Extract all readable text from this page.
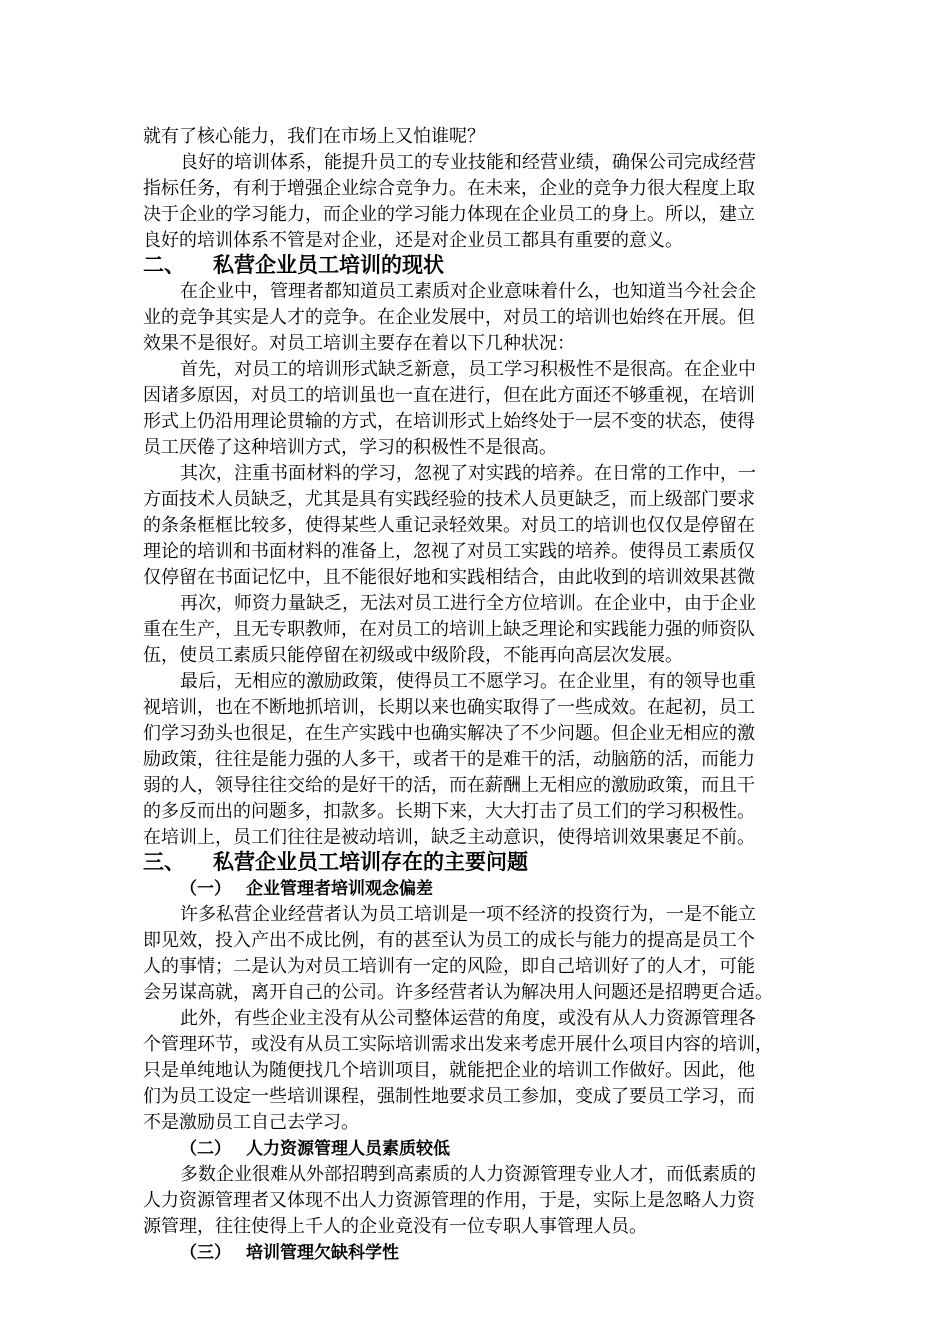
就有了核心能力，我们在市场上又怕谁呢？
良好的培训体系，能提升员工的专业技能和经营业绩，确保公司完成经营
指标任务，有利于增强企业综合竞争力。在未来，企业的竞争力很大程度上取
决于企业的学习能力，而企业的学习能力体现在企业员工的身上。所以，建立
良好的培训体系不管是对企业，还是对企业员工都具有重要的意义。
二、 私营企业员工培训的现状
在企业中，管理者都知道员工素质对企业意味着什么，也知道当今社会企
业的竞争其实是人才的竞争。在企业发展中，对员工的培训也始终在开展。但
效果不是很好。对员工培训主要存在着以下几种状况：
首先，对员工的培训形式缺乏新意，员工学习积极性不是很高。在企业中
因诸多原因，对员工的培训虽也一直在进行，但在此方面还不够重视，在培训
形式上仍沿用理论贯输的方式，在培训形式上始终处于一层不变的状态，使得
员工厌倦了这种培训方式，学习的积极性不是很高。
其次，注重书面材料的学习，忽视了对实践的培养。在日常的工作中，一
方面技术人员缺乏，尤其是具有实践经验的技术人员更缺乏，而上级部门要求
的条条框框比较多，使得某些人重记录轻效果。对员工的培训也仅仅是停留在
理论的培训和书面材料的准备上，忽视了对员工实践的培养。使得员工素质仅
仅停留在书面记忆中，且不能很好地和实践相结合，由此收到的培训效果甚微
再次，师资力量缺乏，无法对员工进行全方位培训。在企业中，由于企业
重在生产，且无专职教师，在对员工的培训上缺乏理论和实践能力强的师资队
伍，使员工素质只能停留在初级或中级阶段，不能再向高层次发展。
最后，无相应的激励政策，使得员工不愿学习。在企业里，有的领导也重
视培训，也在不断地抓培训，长期以来也确实取得了一些成效。在起初，员工
们学习劲头也很足，在生产实践中也确实解决了不少问题。但企业无相应的激
励政策，往往是能力强的人多干，或者干的是难干的活，动脑筋的活，而能力
弱的人，领导往往交给的是好干的活，而在薪酬上无相应的激励政策，而且干
的多反而出的问题多，扣款多。长期下来，大大打击了员工们的学习积极性。
在培训上，员工们往往是被动培训，缺乏主动意识，使得培训效果裹足不前。
三、 私营企业员工培训存在的主要问题
（一） 企业管理者培训观念偏差
许多私营企业经营者认为员工培训是一项不经济的投资行为，一是不能立
即见效，投入产出不成比例，有的甚至认为员工的成长与能力的提高是员工个
人的事情；二是认为对员工培训有一定的风险，即自己培训好了的人才，可能
会另谋高就，离开自己的公司。许多经营者认为解决用人问题还是招聘更合适。
此外，有些企业主没有从公司整体运营的角度，或没有从人力资源管理各
个管理环节，或没有从员工实际培训需求出发来考虑开展什么项目内容的培训，
只是单纯地认为随便找几个培训项目，就能把企业的培训工作做好。因此，他
们为员工设定一些培训课程，强制性地要求员工参加，变成了要员工学习，而
不是激励员工自己去学习。
（二） 人力资源管理人员素质较低
多数企业很难从外部招聘到高素质的人力资源管理专业人才，而低素质的
人力资源管理者又体现不出人力资源管理的作用，于是，实际上是忽略人力资
源管理，往往使得上千人的企业竟没有一位专职人事管理人员。
（三） 培训管理欠缺科学性
